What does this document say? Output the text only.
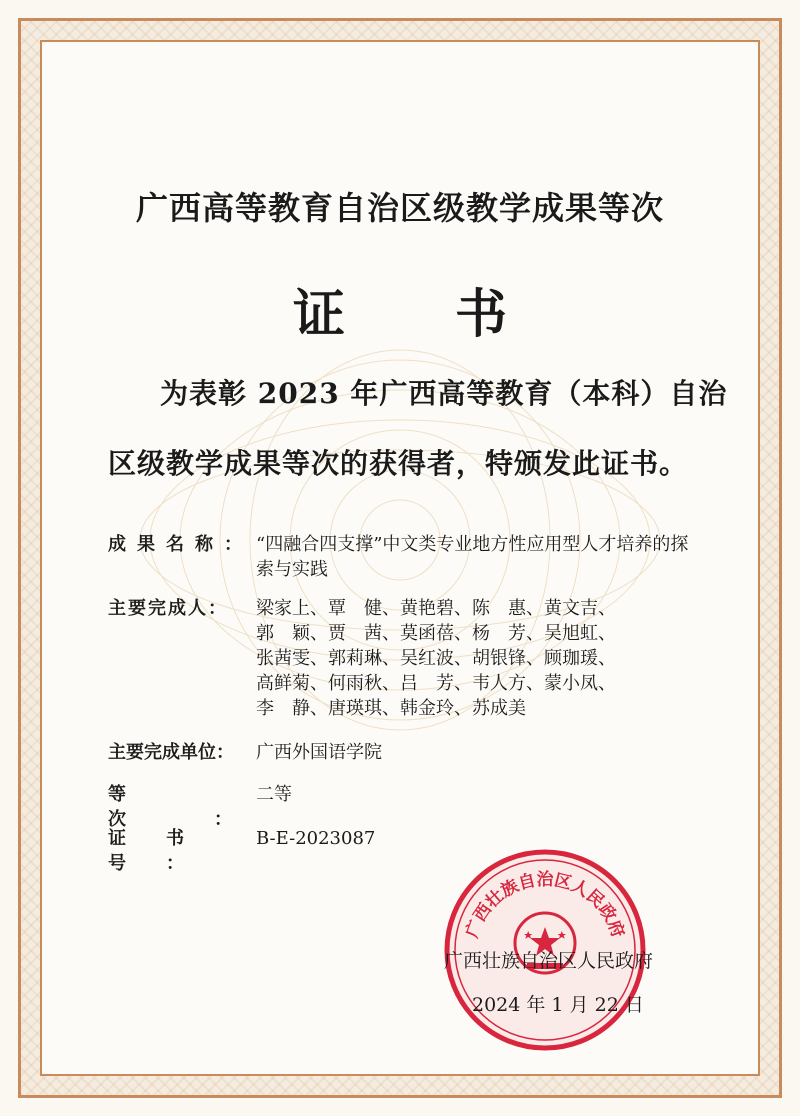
广西高等教育自治区级教学成果等次
证书
为表彰 2023 年广西高等教育（本科）自治
区级教学成果等次的获得者，特颁发此证书。
成果名称： “四融合四支撑”中文类专业地方性应用型人才培养的探索与实践
主要完成人：	梁家上、覃　健、黄艳碧、陈　惠、黄文吉、
郭　颖、贾　茜、莫函蓓、杨　芳、吴旭虹、
张茜雯、郭莉琳、吴红波、胡银锋、顾珈瑗、
高鲜菊、何雨秋、吕　芳、韦人方、蒙小凤、
李　静、唐瑛琪、韩金玲、苏成美
主要完成单位：	广西外国语学院
等次：
二等
证书号：
B-E-2023087
广西壮族自治区人民政府
广西壮族自治区人民政府
2024 年 1 月 22 日
